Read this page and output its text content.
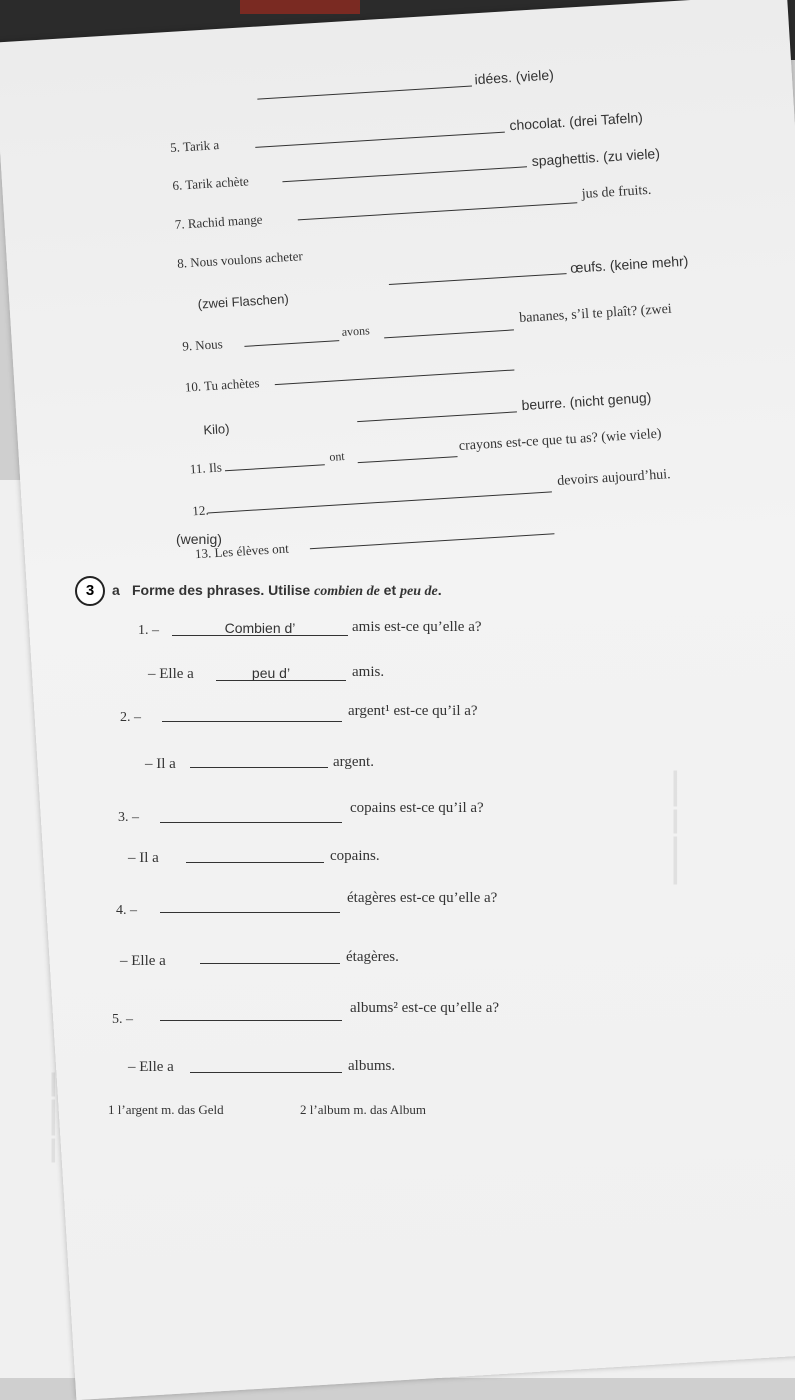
idées. (viele)
5. Tarik a
chocolat. (drei Tafeln)
6. Tarik achète
spaghettis. (zu viele)
7. Rachid mange
jus de fruits.
8. Nous voulons acheter
(zwei Flaschen)
œufs. (keine mehr)
9. Nous
avons
bananes, s’il te plaît? (zwei
10. Tu achètes
Kilo)
beurre. (nicht genug)
11. Ils
ont
crayons est-ce que tu as? (wie viele)
12.
devoirs aujourd’hui.
13. Les élèves ont
(wenig)
3	a Forme des phrases. Utilise combien de et peu de.
1. –	Combien d’	amis est-ce qu’elle a?
– Elle a	peu d’	amis.
2. –	argent¹ est-ce qu’il a?
– Il a	argent.
3. –
copains est-ce qu’il a?
– Il a	copains.
4. –
étagères est-ce qu’elle a?
– Elle a	étagères.
5. –
albums² est-ce qu’elle a?
– Elle a	albums.
1 l’argent m. das Geld	2 l’album m. das Album
▬▬▬ ▬▬ ▬▬▬▬
▬▬ ▬▬▬ ▬▬
